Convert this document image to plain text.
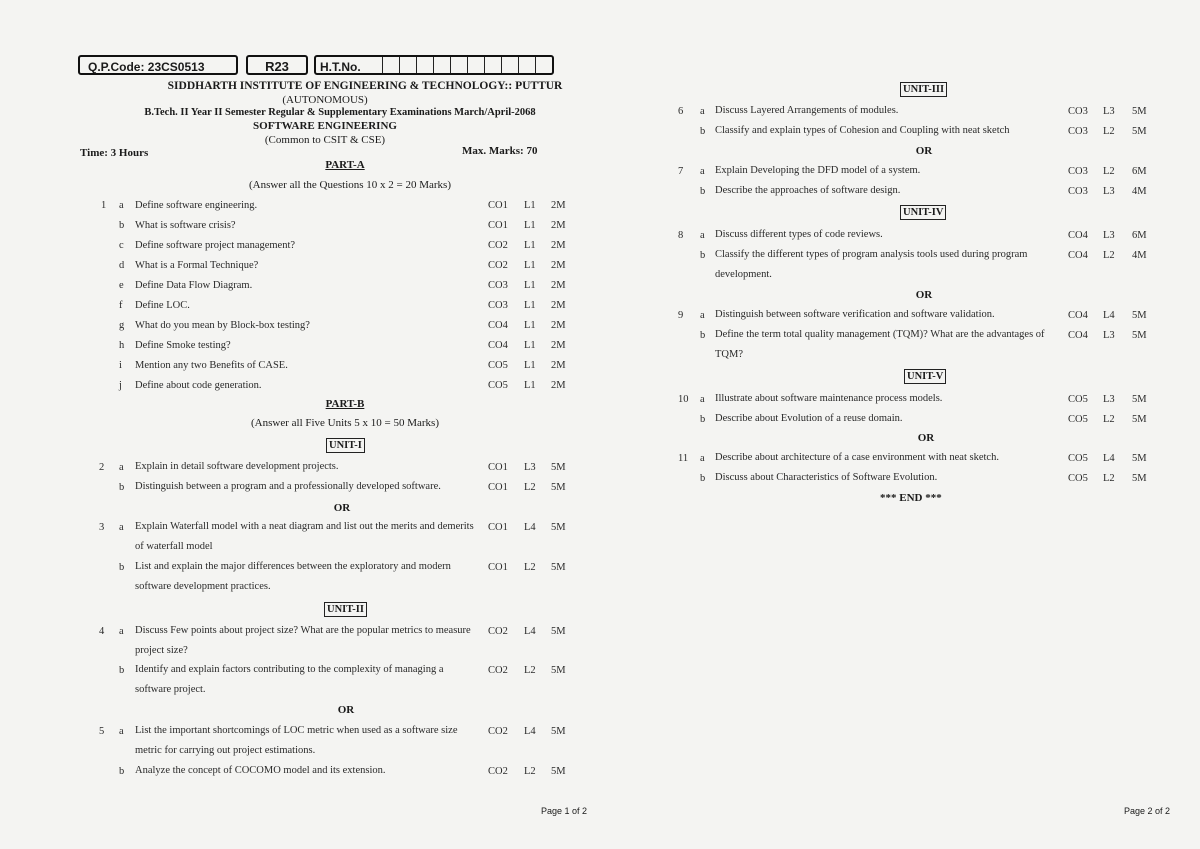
Q.P.Code: 23CS0513	R23	H.T.No.
SIDDHARTH INSTITUTE OF ENGINEERING & TECHNOLOGY:: PUTTUR
(AUTONOMOUS)
B.Tech. II Year II Semester Regular & Supplementary Examinations March/April-2068
SOFTWARE ENGINEERING
(Common to CSIT & CSE)
Time: 3 Hours	Max. Marks: 70
PART-A
(Answer all the Questions 10 x 2 = 20 Marks)
1 a Define software engineering.	CO1 L1 2M
b What is software crisis?	CO1 L1 2M
c Define software project management?	CO2 L1 2M
d What is a Formal Technique?	CO2 L1 2M
e Define Data Flow Diagram.	CO3 L1 2M
f Define LOC.	CO3 L1 2M
g What do you mean by Block-box testing?	CO4 L1 2M
h Define Smoke testing?	CO4 L1 2M
i Mention any two Benefits of CASE.	CO5 L1 2M
j Define about code generation.	CO5 L1 2M
PART-B
(Answer all Five Units 5 x 10 = 50 Marks)
UNIT-I
2 a Explain in detail software development projects.	CO1 L3 5M
b Distinguish between a program and a professionally developed software.	CO1 L2 5M
3 a Explain Waterfall model with a neat diagram and list out the merits and demerits of waterfall model
CO1 L4 5M
b List and explain the major differences between the exploratory and modern software development practices.
CO1 L2 5M
4 a Discuss Few points about project size? What are the popular metrics to measure project size?
CO2 L4 5M
b Identify and explain factors contributing to the complexity of managing a software project.
CO2 L2 5M
5 a List the important shortcomings of LOC metric when used as a software size metric for carrying out project estimations.
CO2 L4 5M
b Analyze the concept of COCOMO model and its extension.	CO2 L2 5M
OR
UNIT-II
OR
Page 1 of 2
UNIT-III
OR
UNIT-IV
OR
UNIT-V
OR
6 a Discuss Layered Arrangements of modules.	CO3 L3 5M
b Classify and explain types of Cohesion and Coupling with neat sketch	CO3 L2 5M
7 a Explain Developing the DFD model of a system.	CO3 L2 6M
b Describe the approaches of software design.	CO3 L3 4M
8 a Discuss different types of code reviews.	CO4 L3 6M
b Classify the different types of program analysis tools used during program development.
CO4 L2 4M
9 a Distinguish between software verification and software validation.	CO4 L4 5M
b Define the term total quality management (TQM)? What are the advantages of TQM?
CO4 L3 5M
10 a Illustrate about software maintenance process models.	CO5 L3 5M
b Describe about Evolution of a reuse domain.	CO5 L2 5M
11 a Describe about architecture of a case environment with neat sketch.	CO5 L4 5M
b Discuss about Characteristics of Software Evolution.	CO5 L2 5M
*** END ***
Page 2 of 2
